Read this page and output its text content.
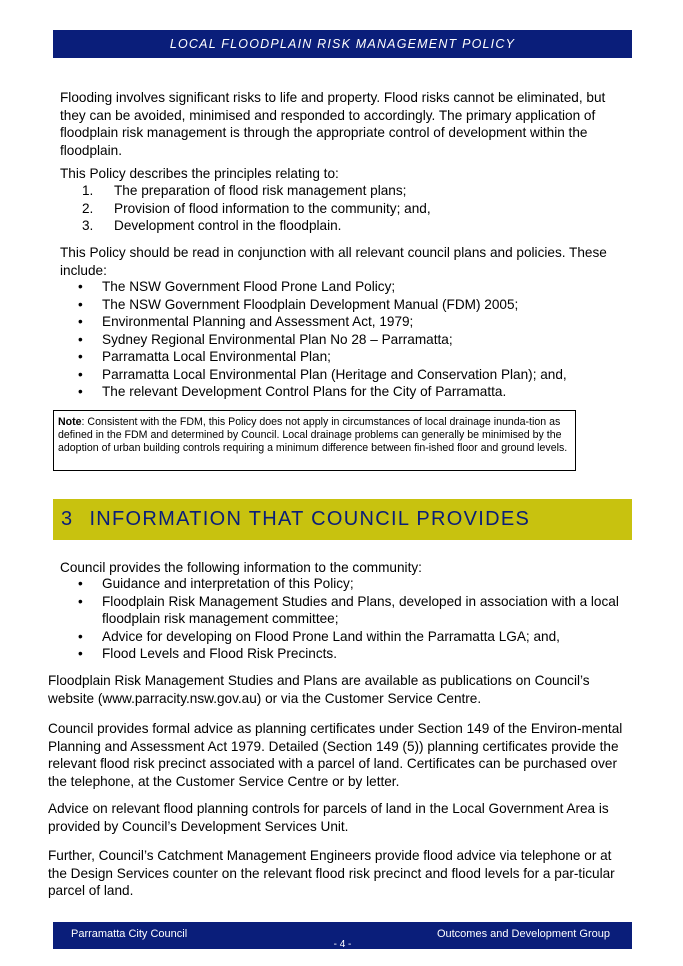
LOCAL FLOODPLAIN RISK MANAGEMENT POLICY
Flooding involves significant risks to life and property. Flood risks cannot be eliminated, but they can be avoided, minimised and responded to accordingly. The primary application of floodplain risk management is through the appropriate control of development within the floodplain.
This Policy describes the principles relating to:
1. The preparation of flood risk management plans;
2. Provision of flood information to the community; and,
3. Development control in the floodplain.
This Policy should be read in conjunction with all relevant council plans and policies. These include:
• The NSW Government Flood Prone Land Policy;
• The NSW Government Floodplain Development Manual (FDM) 2005;
• Environmental Planning and Assessment Act, 1979;
• Sydney Regional Environmental Plan No 28 – Parramatta;
• Parramatta Local Environmental Plan;
• Parramatta Local Environmental Plan (Heritage and Conservation Plan); and,
• The relevant Development Control Plans for the City of Parramatta.
Note: Consistent with the FDM, this Policy does not apply in circumstances of local drainage inunda-tion as defined in the FDM and determined by Council. Local drainage problems can generally be minimised by the adoption of urban building controls requiring a minimum difference between fin-ished floor and ground levels.
3 INFORMATION THAT COUNCIL PROVIDES
Council provides the following information to the community:
• Guidance and interpretation of this Policy;
• Floodplain Risk Management Studies and Plans, developed in association with a local floodplain risk management committee;
• Advice for developing on Flood Prone Land within the Parramatta LGA; and,
• Flood Levels and Flood Risk Precincts.
Floodplain Risk Management Studies and Plans are available as publications on Council’s website (www.parracity.nsw.gov.au) or via the Customer Service Centre.
Council provides formal advice as planning certificates under Section 149 of the Environ-mental Planning and Assessment Act 1979. Detailed (Section 149 (5)) planning certificates provide the relevant flood risk precinct associated with a parcel of land. Certificates can be purchased over the telephone, at the Customer Service Centre or by letter.
Advice on relevant flood planning controls for parcels of land in the Local Government Area is provided by Council’s Development Services Unit.
Further, Council’s Catchment Management Engineers provide flood advice via telephone or at the Design Services counter on the relevant flood risk precinct and flood levels for a par-ticular parcel of land.
Parramatta City Council	Outcomes and Development Group
- 4 -
